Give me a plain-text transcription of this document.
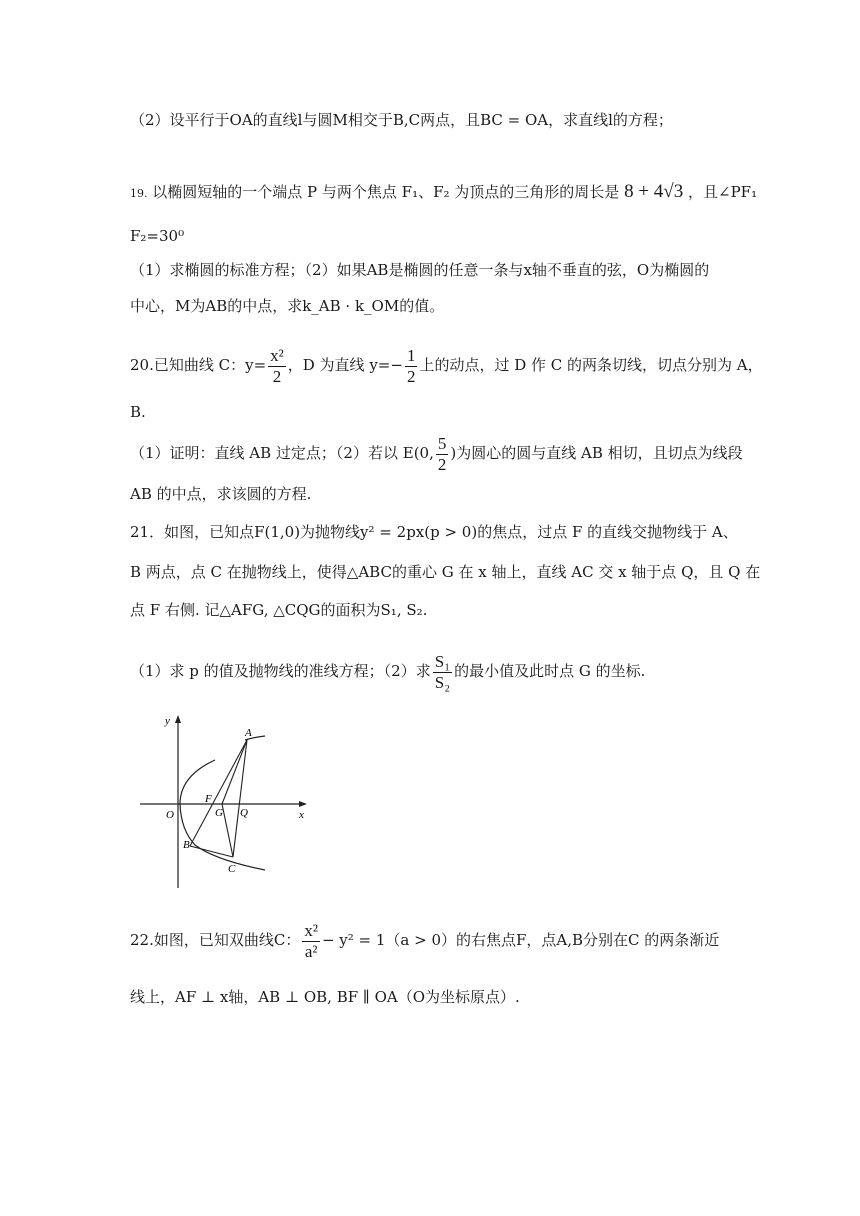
（2）设平行于OA的直线l与圆M相交于B,C两点，且BC = OA，求直线l的方程；
19. 以椭圆短轴的一个端点 P 与两个焦点 F₁、F₂ 为顶点的三角形的周长是 8 + 4√3 ，且∠PF₁
F₂=30⁰
（1）求椭圆的标准方程；（2）如果AB是椭圆的任意一条与x轴不垂直的弦，O为椭圆的
中心，M为AB的中点，求k_AB · k_OM的值。
20.已知曲线 C：$y= \frac{\text{x²}}{2}$ ，D 为直线 $y=- \frac{1}{2}$ 上的动点，过 D 作 C 的两条切线，切点分别为 A，
B.
（1）证明：直线 AB 过定点；（2）若以 E(0, $\frac{5}{2}$ )为圆心的圆与直线 AB 相切，且切点为线段
AB 的中点，求该圆的方程.
21．如图，已知点F(1,0)为抛物线y² = 2px(p > 0)的焦点，过点 F 的直线交抛物线于 A、
B 两点，点 C 在抛物线上，使得△ABC的重心 G 在 x 轴上，直线 AC 交 x 轴于点 Q，且 Q 在
点 F 右侧. 记△AFG, △CQG的面积为S₁, S₂.
（1）求 p 的值及抛物线的准线方程；（2）求 $\frac{\text{S₁}}{\text{S₂}}$ 的最小值及此时点 G 的坐标.
y
x
O
F
G Q
A
B
C
22.如图，已知双曲线C： $\frac{\text{x²}}{\text{a²}} - y^2 = 1(a > 0)$的右焦点F，点A,B分别在C 的两条渐近
线上，AF ⊥ x轴，AB ⊥ OB, BF ∥ OA（O为坐标原点）.
